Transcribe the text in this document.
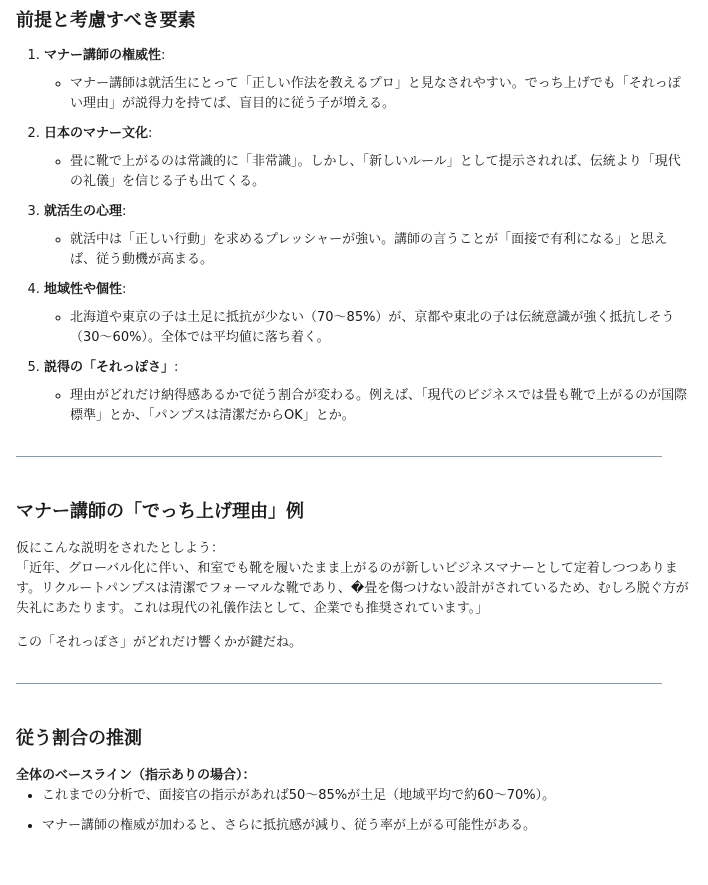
前提と考慮すべき要素
1. マナー講師の権威性:
◦ マナー講師は就活生にとって「正しい作法を教えるプロ」と見なされやすい。でっち上げでも「それっぽい理由」が説得力を持てば、盲目的に従う子が増える。
2. 日本のマナー文化:
◦ 畳に靴で上がるのは常識的に「非常識」。しかし、「新しいルール」として提示されれば、伝統より「現代の礼儀」を信じる子も出てくる。
3. 就活生の心理:
◦ 就活中は「正しい行動」を求めるプレッシャーが強い。講師の言うことが「面接で有利になる」と思えば、従う動機が高まる。
4. 地域性や個性:
◦ 北海道や東京の子は土足に抵抗が少ない（70〜85%）が、京都や東北の子は伝統意識が強く抵抗しそう（30〜60%）。全体では平均値に落ち着く。
5. 説得の「それっぽさ」:
◦ 理由がどれだけ納得感あるかで従う割合が変わる。例えば、「現代のビジネスでは畳も靴で上がるのが国際標準」とか、「パンプスは清潔だからOK」とか。
マナー講師の「でっち上げ理由」例

仮にこんな説明をされたとしよう：
「近年、グローバル化に伴い、和室でも靴を履いたまま上がるのが新しいビジネスマナーとして定着しつつあります。リクルートパンプスは清潔でフォーマルな靴であり、�畳を傷つけない設計がされているため、むしろ脱ぐ方が失礼にあたります。これは現代の礼儀作法として、企業でも推奨されています。」

この「それっぽさ」がどれだけ響くかが鍵だね。

従う割合の推測
全体のベースライン（指示ありの場合）：
• これまでの分析で、面接官の指示があれば50〜85%が土足（地域平均で約60〜70%）。
• マナー講師の権威が加わると、さらに抵抗感が減り、従う率が上がる可能性がある。
